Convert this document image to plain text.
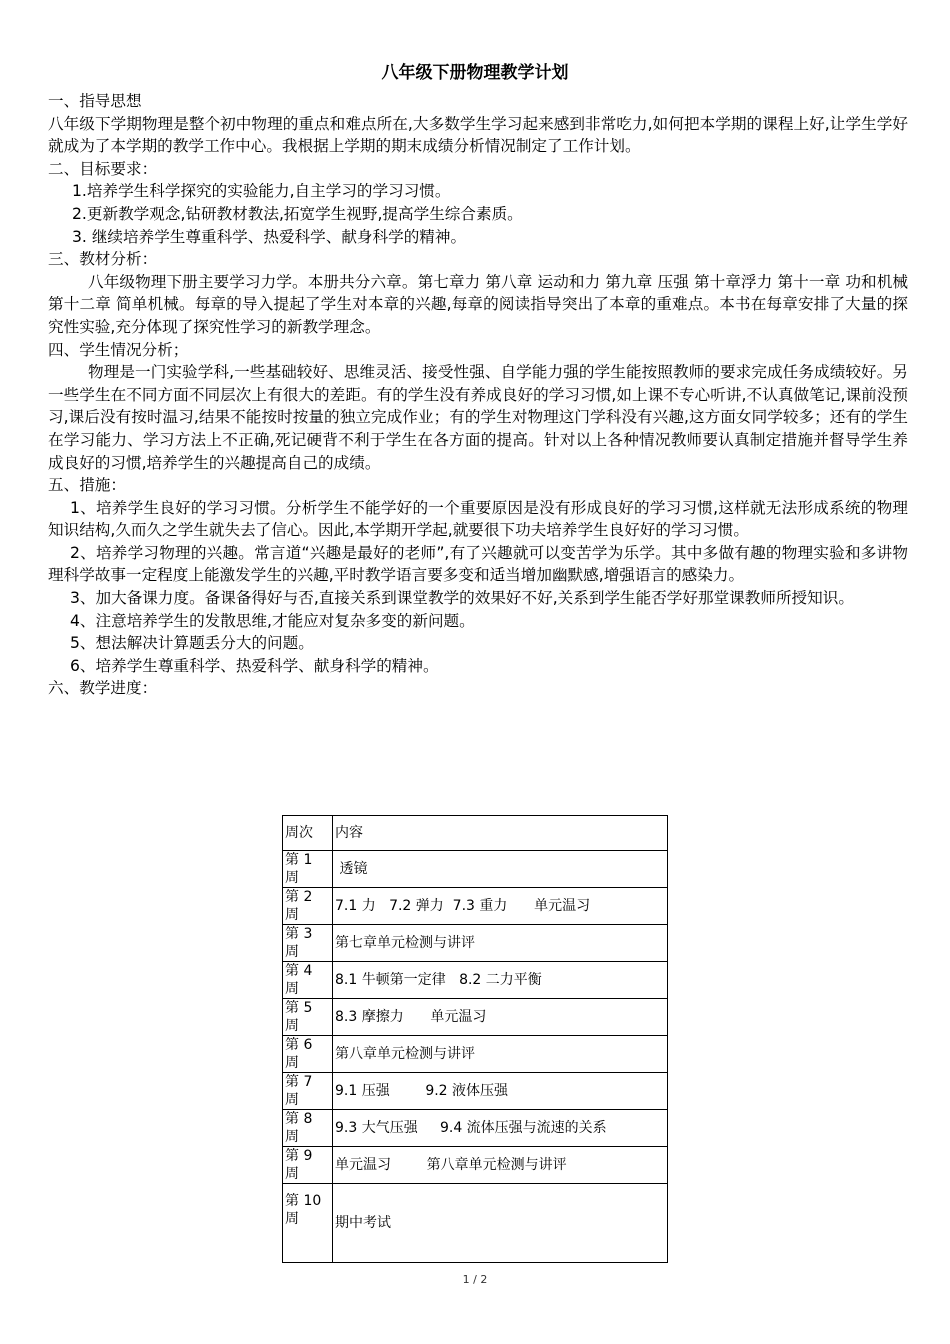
八年级下册物理教学计划

一、指导思想

八年级下学期物理是整个初中物理的重点和难点所在,大多数学生学习起来感到非常吃力,如何把本学期的课程上好,让学生学好就成为了本学期的教学工作中心。我根据上学期的期末成绩分析情况制定了工作计划。

二、目标要求：

1.培养学生科学探究的实验能力,自主学习的学习习惯。

2.更新教学观念,钻研教材教法,拓宽学生视野,提高学生综合素质。

3. 继续培养学生尊重科学、热爱科学、献身科学的精神。

三、教材分析：

八年级物理下册主要学习力学。本册共分六章。第七章力 第八章 运动和力 第九章 压强 第十章浮力 第十一章 功和机械 第十二章 简单机械。每章的导入提起了学生对本章的兴趣,每章的阅读指导突出了本章的重难点。本书在每章安排了大量的探究性实验,充分体现了探究性学习的新教学理念。

四、学生情况分析；

物理是一门实验学科,一些基础较好、思维灵活、接受性强、自学能力强的学生能按照教师的要求完成任务成绩较好。另一些学生在不同方面不同层次上有很大的差距。有的学生没有养成良好的学习习惯,如上课不专心听讲,不认真做笔记,课前没预习,课后没有按时温习,结果不能按时按量的独立完成作业；有的学生对物理这门学科没有兴趣,这方面女同学较多；还有的学生在学习能力、学习方法上不正确,死记硬背不利于学生在各方面的提高。针对以上各种情况教师要认真制定措施并督导学生养成良好的习惯,培养学生的兴趣提高自己的成绩。

五、措施：

1、培养学生良好的学习习惯。分析学生不能学好的一个重要原因是没有形成良好的学习习惯,这样就无法形成系统的物理知识结构,久而久之学生就失去了信心。因此,本学期开学起,就要很下功夫培养学生良好好的学习习惯。

2、培养学习物理的兴趣。常言道“兴趣是最好的老师”,有了兴趣就可以变苦学为乐学。其中多做有趣的物理实验和多讲物理科学故事一定程度上能激发学生的兴趣,平时教学语言要多变和适当增加幽默感,增强语言的感染力。

3、加大备课力度。备课备得好与否,直接关系到课堂教学的效果好不好,关系到学生能否学好那堂课教师所授知识。

4、注意培养学生的发散思维,才能应对复杂多变的新问题。

5、想法解决计算题丢分大的问题。

6、培养学生尊重科学、热爱科学、献身科学的精神。

六、教学进度：

周次	内容
第 1 周	透镜
第 2 周	7.1 力   7.2 弹力  7.3 重力      单元温习
第 3 周	第七章单元检测与讲评
第 4 周	8.1 牛顿第一定律   8.2 二力平衡
第 5 周	8.3 摩擦力      单元温习
第 6 周	第八章单元检测与讲评
第 7 周	9.1 压强        9.2 液体压强
第 8 周	9.3 大气压强     9.4 流体压强与流速的关系
第 9 周	单元温习        第八章单元检测与讲评
第 10 周	期中考试
1 / 2
